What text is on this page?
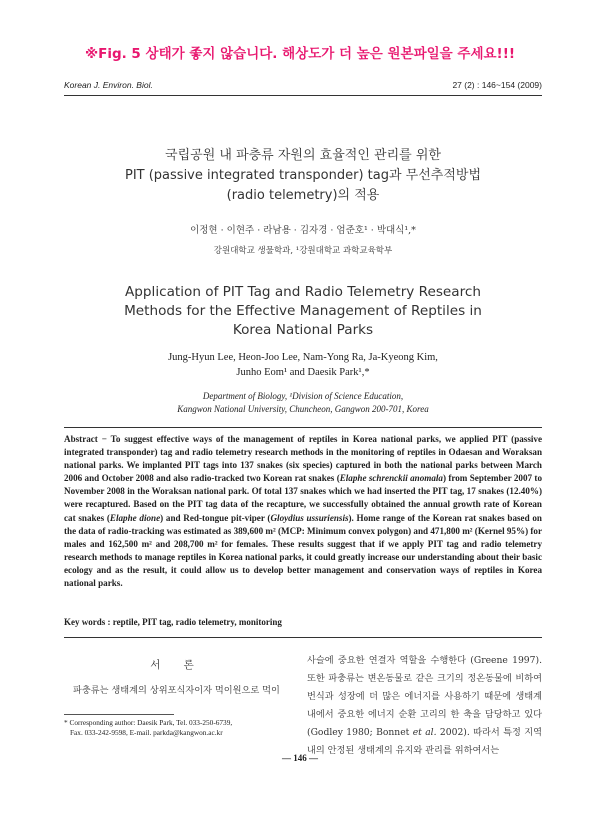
※Fig. 5 상태가 좋지 않습니다. 해상도가 더 높은 원본파일을 주세요!!!
Korean J. Environ. Biol.	27 (2) : 146~154 (2009)
국립공원 내 파충류 자원의 효율적인 관리를 위한
PIT (passive integrated transponder) tag과 무선추적방법
(radio telemetry)의 적용
이정현 · 이현주 · 라남용 · 김자경 · 엄준호¹ · 박대식¹,*
강원대학교 생물학과, ¹강원대학교 과학교육학부
Application of PIT Tag and Radio Telemetry Research
Methods for the Effective Management of Reptiles in
Korea National Parks
Jung-Hyun Lee, Heon-Joo Lee, Nam-Yong Ra, Ja-Kyeong Kim,
Junho Eom¹ and Daesik Park¹,*
Department of Biology, ¹Division of Science Education,
Kangwon National University, Chuncheon, Gangwon 200-701, Korea
Abstract − To suggest effective ways of the management of reptiles in Korea national parks, we applied PIT (passive integrated transponder) tag and radio telemetry research methods in the monitoring of reptiles in Odaesan and Woraksan national parks. We implanted PIT tags into 137 snakes (six species) captured in both the national parks between March 2006 and October 2008 and also radio-tracked two Korean rat snakes (Elaphe schrenckii anomala) from September 2007 to November 2008 in the Woraksan national park. Of total 137 snakes which we had inserted the PIT tag, 17 snakes (12.40%) were recaptured. Based on the PIT tag data of the recapture, we successfully obtained the annual growth rate of Korean cat snakes (Elaphe dione) and Red-tongue pit-viper (Gloydius ussuriensis). Home range of the Korean rat snakes based on the data of radio-tracking was estimated as 389,600 m² (MCP: Minimum convex polygon) and 471,800 m² (Kernel 95%) for males and 162,500 m² and 208,700 m² for females. These results suggest that if we apply PIT tag and radio telemetry research methods to manage reptiles in Korea national parks, it could greatly increase our understanding about their basic ecology and as the result, it could allow us to develop better management and conservation ways of reptiles in Korea national parks.
Key words : reptile, PIT tag, radio telemetry, monitoring
서 론
파충류는 생태계의 상위포식자이자 먹이원으로 먹이
사슬에 중요한 연결자 역할을 수행한다 (Greene 1997). 또한 파충류는 변온동물로 같은 크기의 정온동물에 비하여 번식과 성장에 더 많은 에너지를 사용하기 때문에 생태계 내에서 중요한 에너지 순환 고리의 한 축을 담당하고 있다 (Godley 1980; Bonnet et al. 2002). 따라서 특정 지역 내의 안정된 생태계의 유지와 관리를 위하여서는
* Corresponding author: Daesik Park, Tel. 033-250-6739,
Fax. 033-242-9598, E-mail. parkda@kangwon.ac.kr
— 146 —
